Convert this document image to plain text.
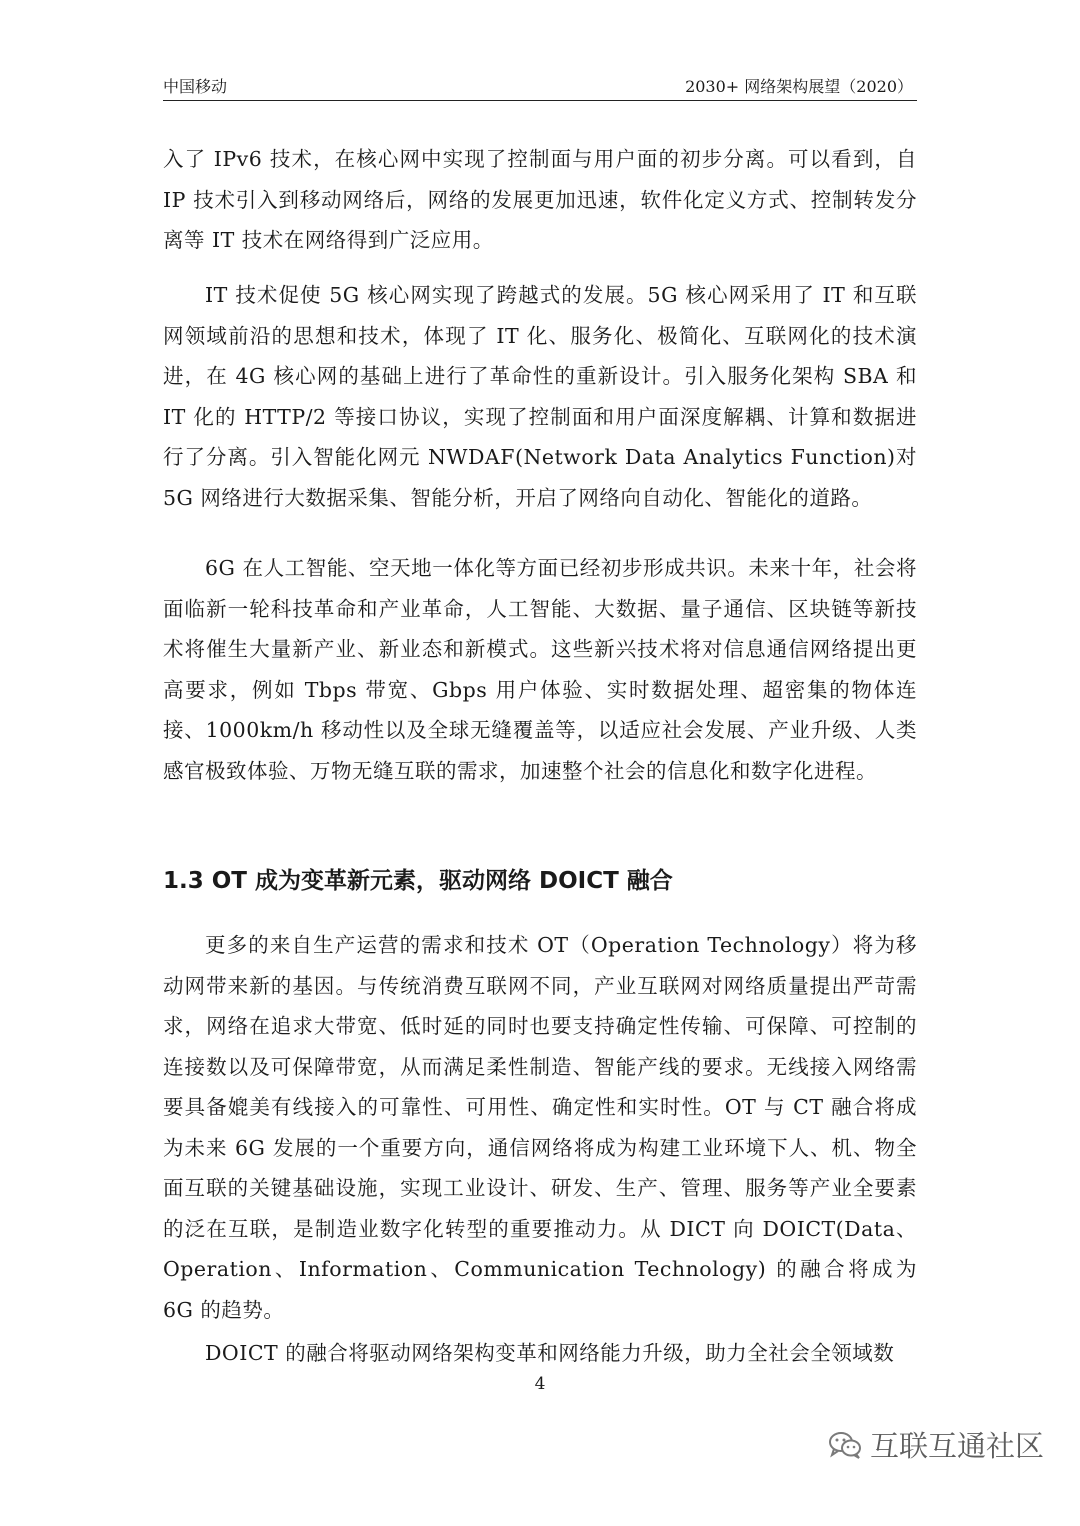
中国移动	2030+ 网络架构展望（2020）

入了 IPv6 技术，在核心网中实现了控制面与用户面的初步分离。可以看到，自 IP 技术引入到移动网络后，网络的发展更加迅速，软件化定义方式、控制转发分离等 IT 技术在网络得到广泛应用。

IT 技术促使 5G 核心网实现了跨越式的发展。5G 核心网采用了 IT 和互联网领域前沿的思想和技术，体现了 IT 化、服务化、极简化、互联网化的技术演进，在 4G 核心网的基础上进行了革命性的重新设计。引入服务化架构 SBA 和 IT 化的 HTTP/2 等接口协议，实现了控制面和用户面深度解耦、计算和数据进行了分离。引入智能化网元 NWDAF(Network Data Analytics Function)对 5G 网络进行大数据采集、智能分析，开启了网络向自动化、智能化的道路。

6G 在人工智能、空天地一体化等方面已经初步形成共识。未来十年，社会将面临新一轮科技革命和产业革命，人工智能、大数据、量子通信、区块链等新技术将催生大量新产业、新业态和新模式。这些新兴技术将对信息通信网络提出更高要求，例如 Tbps 带宽、Gbps 用户体验、实时数据处理、超密集的物体连接、1000km/h 移动性以及全球无缝覆盖等，以适应社会发展、产业升级、人类感官极致体验、万物无缝互联的需求，加速整个社会的信息化和数字化进程。

1.3 OT 成为变革新元素，驱动网络 DOICT 融合

更多的来自生产运营的需求和技术 OT（Operation Technology）将为移动网带来新的基因。与传统消费互联网不同，产业互联网对网络质量提出严苛需求，网络在追求大带宽、低时延的同时也要支持确定性传输、可保障、可控制的连接数以及可保障带宽，从而满足柔性制造、智能产线的要求。无线接入网络需要具备媲美有线接入的可靠性、可用性、确定性和实时性。OT 与 CT 融合将成为未来 6G 发展的一个重要方向，通信网络将成为构建工业环境下人、机、物全面互联的关键基础设施，实现工业设计、研发、生产、管理、服务等产业全要素的泛在互联，是制造业数字化转型的重要推动力。从 DICT 向 DOICT(Data、Operation、Information、Communication Technology) 的融合将成为 6G 的趋势。

DOICT 的融合将驱动网络架构变革和网络能力升级，助力全社会全领域数

4
互联互通社区
